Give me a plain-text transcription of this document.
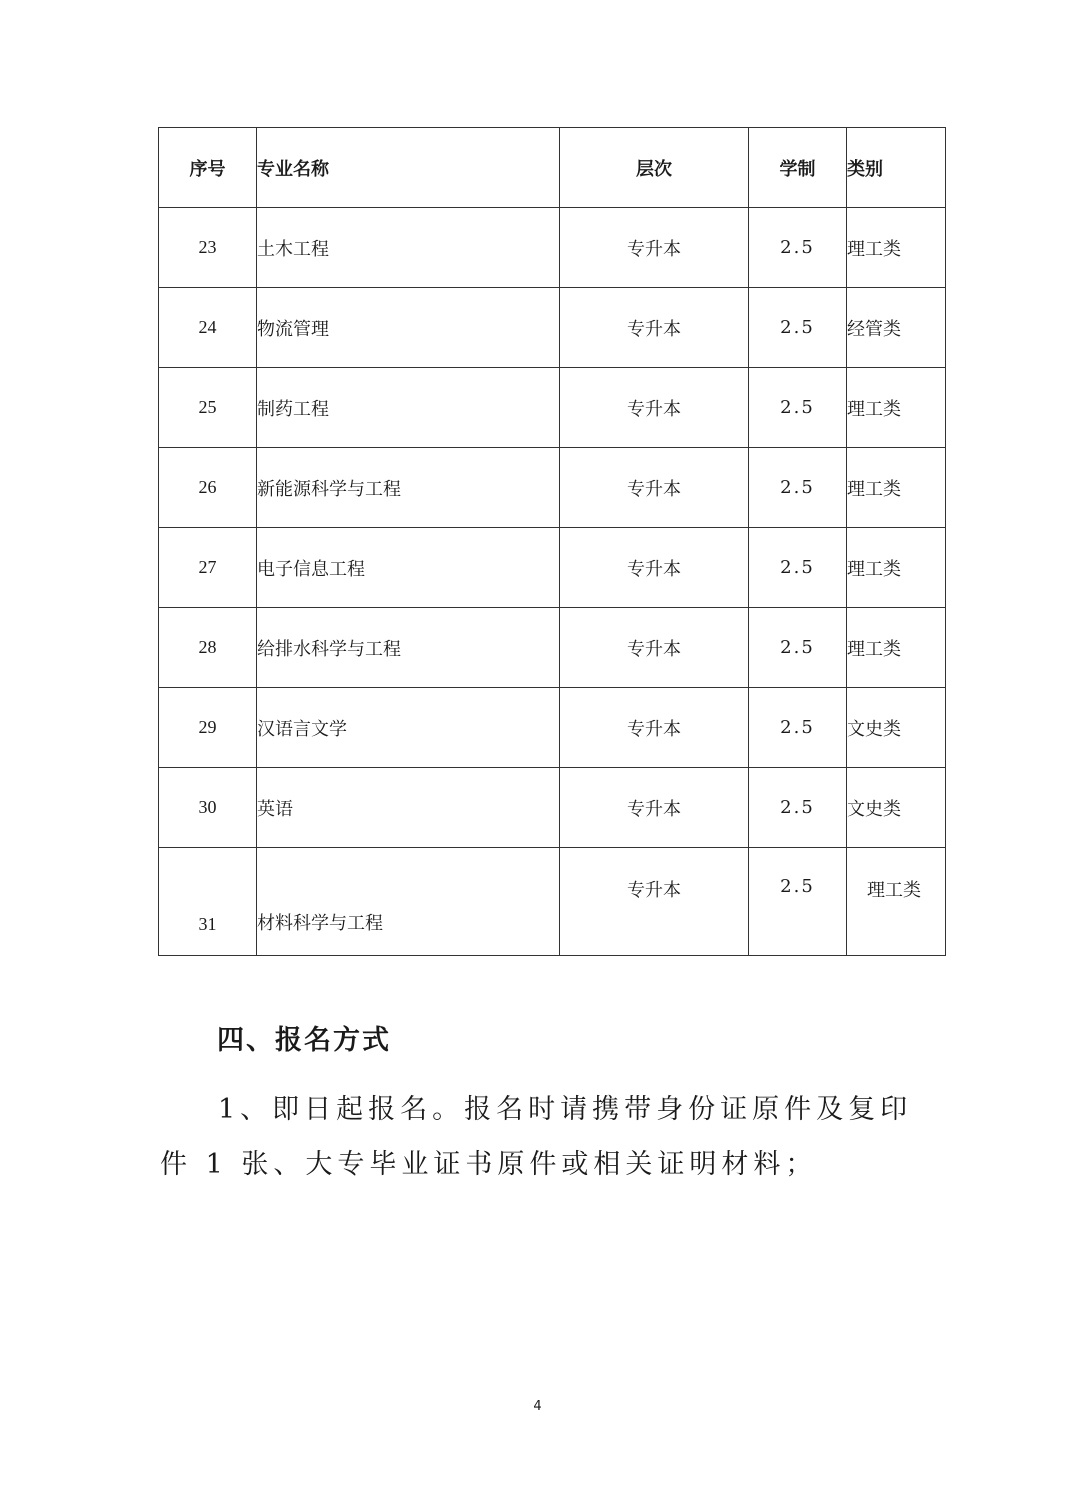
序号	专业名称	层次	学制	类别
23	土木工程	专升本	2.5	理工类
24	物流管理	专升本	2.5	经管类
25	制药工程	专升本	2.5	理工类
26	新能源科学与工程	专升本	2.5	理工类
27	电子信息工程	专升本	2.5	理工类
28	给排水科学与工程	专升本	2.5	理工类
29	汉语言文学	专升本	2.5	文史类
30	英语	专升本	2.5	文史类
31	材料科学与工程	专升本	2.5	理工类
四、报名方式

1、即日起报名。报名时请携带身份证原件及复印件 1 张、大专毕业证书原件或相关证明材料；

4
